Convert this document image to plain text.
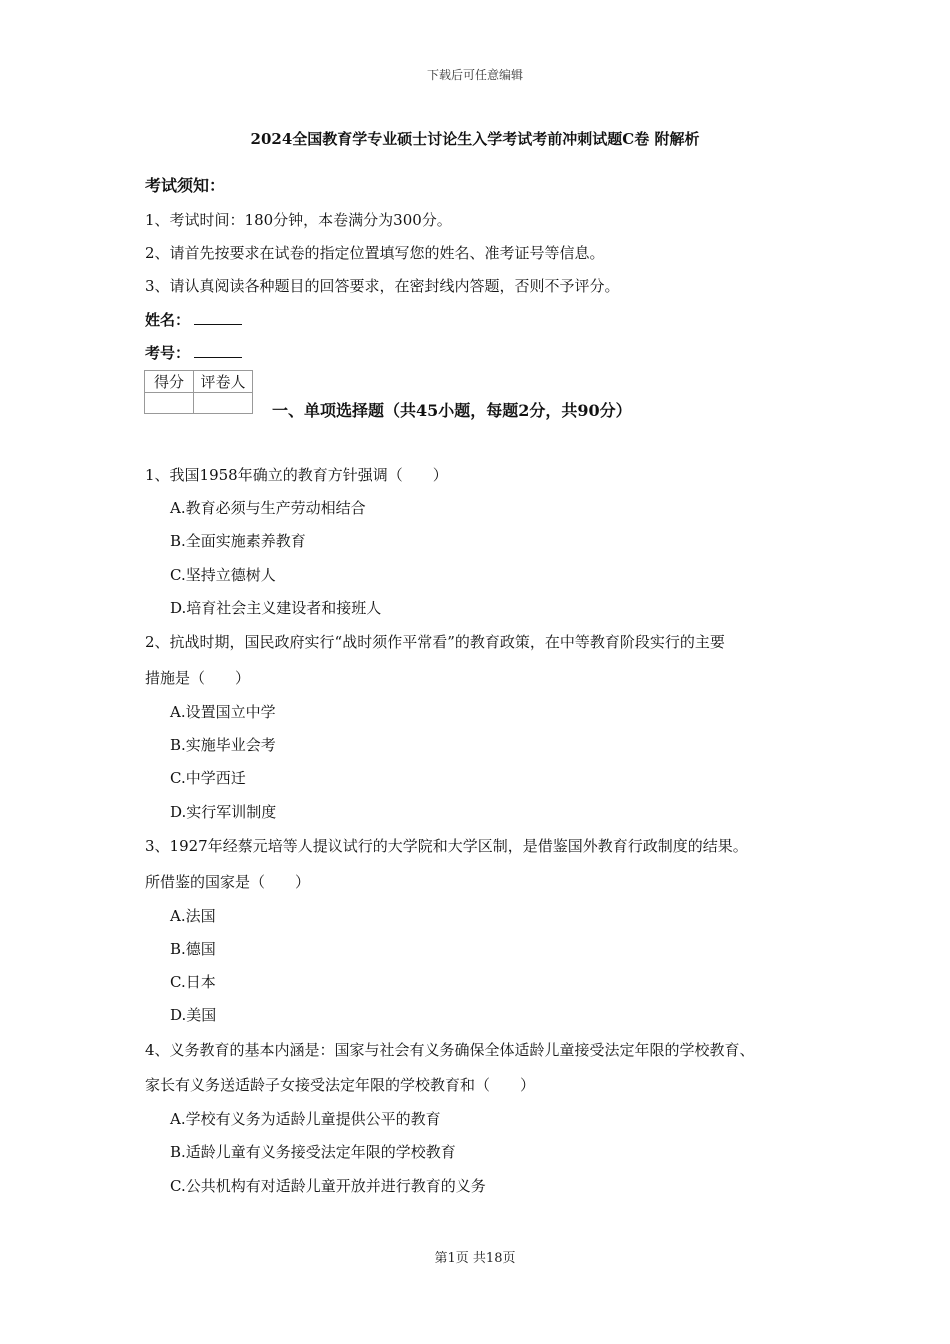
下载后可任意编辑
2024全国教育学专业硕士讨论生入学考试考前冲刺试题C卷 附解析
考试须知：
1、考试时间：180分钟，本卷满分为300分。
2、请首先按要求在试卷的指定位置填写您的姓名、准考证号等信息。
3、请认真阅读各种题目的回答要求，在密封线内答题，否则不予评分。
姓名：
考号：
得分	评卷人

一、单项选择题（共45小题，每题2分，共90分）
1、我国1958年确立的教育方针强调（　　）
A.教育必须与生产劳动相结合
B.全面实施素养教育
C.坚持立德树人
D.培育社会主义建设者和接班人
2、抗战时期，国民政府实行“战时须作平常看”的教育政策，在中等教育阶段实行的主要
措施是（　　）
A.设置国立中学
B.实施毕业会考
C.中学西迁
D.实行军训制度
3、1927年经蔡元培等人提议试行的大学院和大学区制，是借鉴国外教育行政制度的结果。
所借鉴的国家是（　　）
A.法国
B.德国
C.日本
D.美国
4、义务教育的基本内涵是：国家与社会有义务确保全体适龄儿童接受法定年限的学校教育、
家长有义务送适龄子女接受法定年限的学校教育和（　　）
A.学校有义务为适龄儿童提供公平的教育
B.适龄儿童有义务接受法定年限的学校教育
C.公共机构有对适龄儿童开放并进行教育的义务
第1页 共18页
